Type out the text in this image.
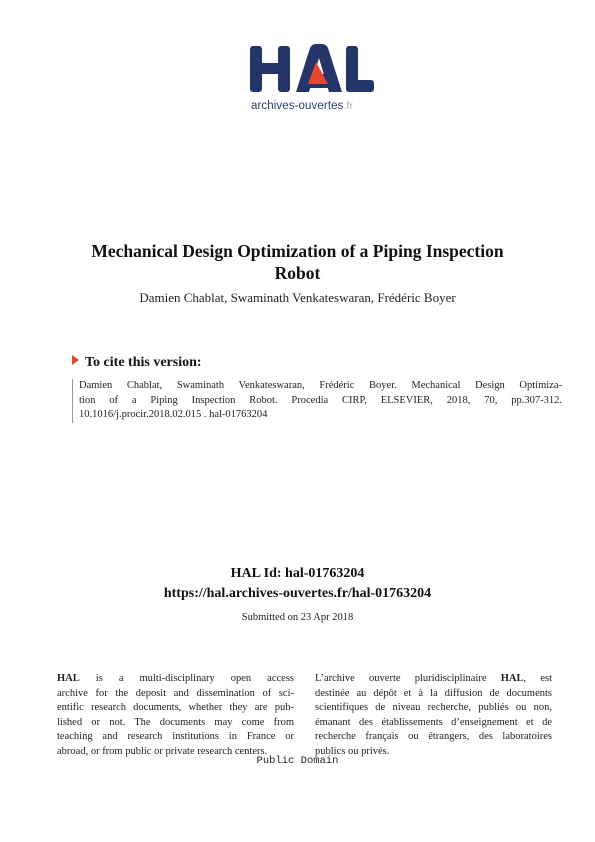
archives-ouvertes.fr
Mechanical Design Optimization of a Piping Inspection
Robot
Damien Chablat, Swaminath Venkateswaran, Frédéric Boyer
To cite this version:
Damien Chablat, Swaminath Venkateswaran, Frédéric Boyer. Mechanical Design Optimiza-
tion of a Piping Inspection Robot. Procedia CIRP, ELSEVIER, 2018, 70, pp.307-312.
10.1016/j.procir.2018.02.015 . hal-01763204
HAL Id: hal-01763204
https://hal.archives-ouvertes.fr/hal-01763204
Submitted on 23 Apr 2018
HAL is a multi-disciplinary open access
archive for the deposit and dissemination of sci-
entific research documents, whether they are pub-
lished or not. The documents may come from
teaching and research institutions in France or
abroad, or from public or private research centers.
L’archive ouverte pluridisciplinaire HAL, est
destinée au dépôt et à la diffusion de documents
scientifiques de niveau recherche, publiés ou non,
émanant des établissements d’enseignement et de
recherche français ou étrangers, des laboratoires
publics ou privés.
Public Domain
